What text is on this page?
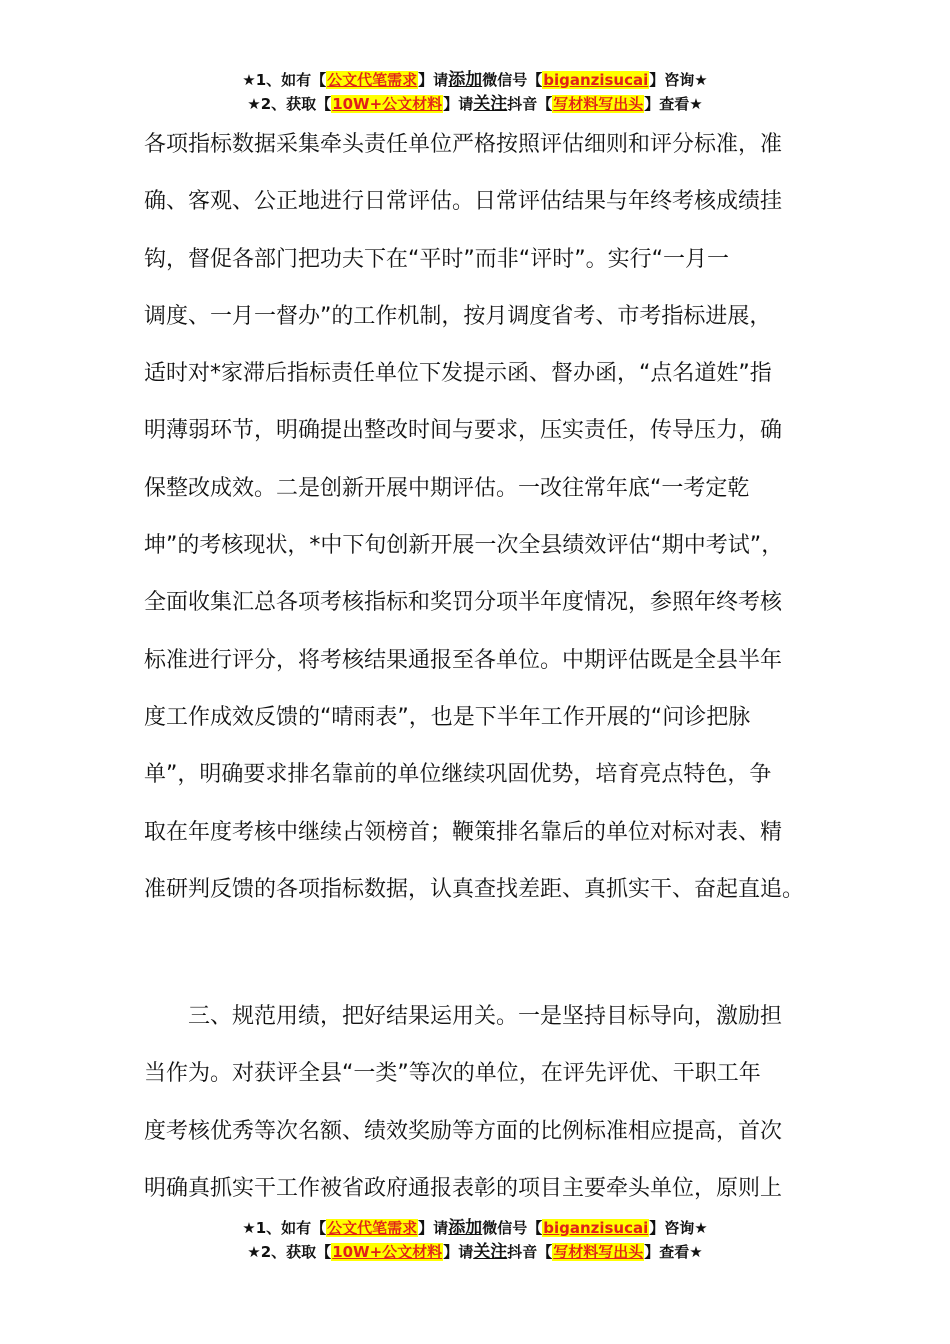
★1、如有【公文代笔需求】请添加微信号【biganzisucai】咨询★
★2、获取【10W+公文材料】请关注抖音【写材料写出头】查看★
各项指标数据采集牵头责任单位严格按照评估细则和评分标准，准
确、客观、公正地进行日常评估。日常评估结果与年终考核成绩挂
钩，督促各部门把功夫下在“平时”而非“评时”。实行“一月一
调度、一月一督办”的工作机制，按月调度省考、市考指标进展，
适时对*家滞后指标责任单位下发提示函、督办函，“点名道姓”指
明薄弱环节，明确提出整改时间与要求，压实责任，传导压力，确
保整改成效。二是创新开展中期评估。一改往常年底“一考定乾
坤”的考核现状，*中下旬创新开展一次全县绩效评估“期中考试”，
全面收集汇总各项考核指标和奖罚分项半年度情况，参照年终考核
标准进行评分，将考核结果通报至各单位。中期评估既是全县半年
度工作成效反馈的“晴雨表”，也是下半年工作开展的“问诊把脉
单”，明确要求排名靠前的单位继续巩固优势，培育亮点特色，争
取在年度考核中继续占领榜首；鞭策排名靠后的单位对标对表、精
准研判反馈的各项指标数据，认真查找差距、真抓实干、奋起直追。
　　三、规范用绩，把好结果运用关。一是坚持目标导向，激励担
当作为。对获评全县“一类”等次的单位，在评先评优、干职工年
度考核优秀等次名额、绩效奖励等方面的比例标准相应提高，首次
明确真抓实干工作被省政府通报表彰的项目主要牵头单位，原则上
★1、如有【公文代笔需求】请添加微信号【biganzisucai】咨询★
★2、获取【10W+公文材料】请关注抖音【写材料写出头】查看★
